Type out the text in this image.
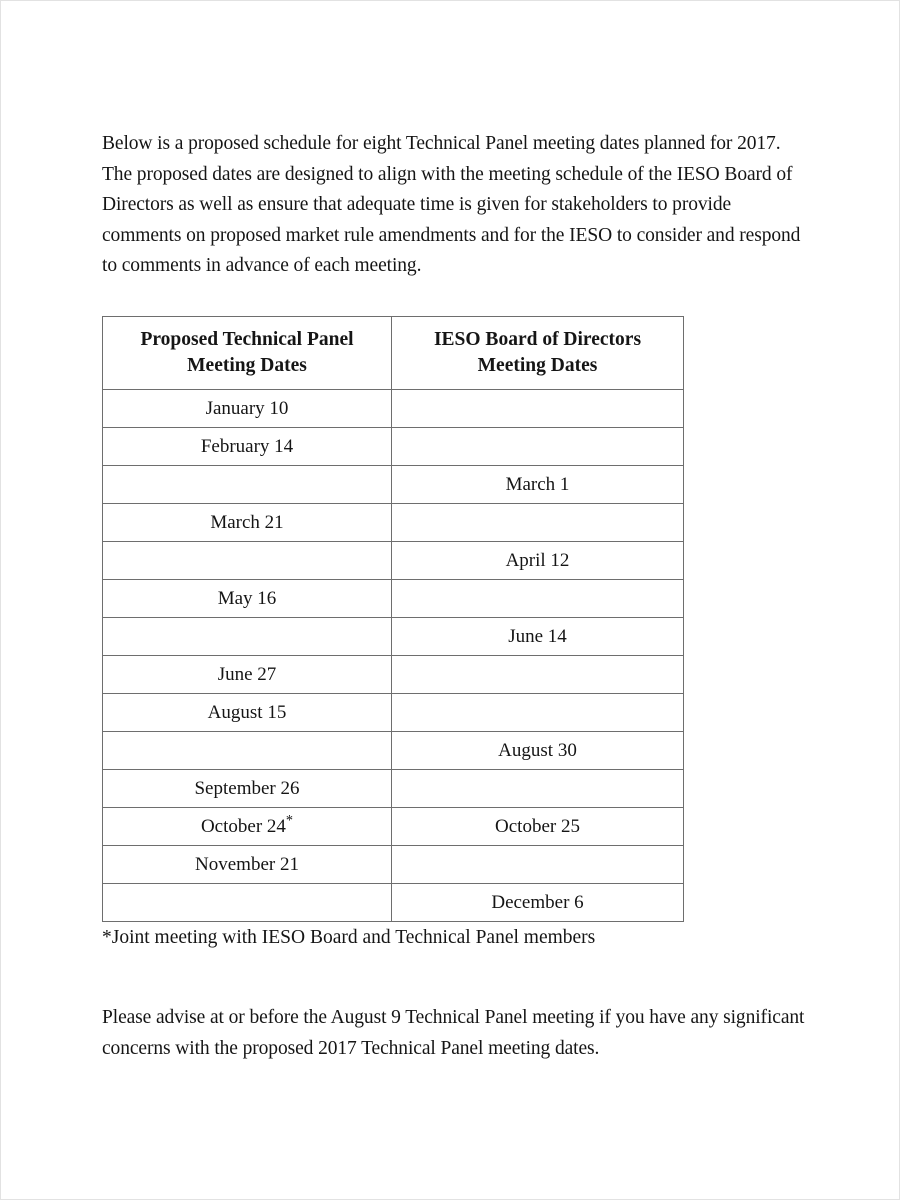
Below is a proposed schedule for eight Technical Panel meeting dates planned for 2017. The proposed dates are designed to align with the meeting schedule of the IESO Board of Directors as well as ensure that adequate time is given for stakeholders to provide comments on proposed market rule amendments and for the IESO to consider and respond to comments in advance of each meeting.

Proposed Technical Panel
Meeting Dates	IESO Board of Directors
Meeting Dates

January 10	
February 14	
	March 1
March 21	
	April 12
May 16	
	June 14
June 27	
August 15	
	August 30
September 26	
October 24*	October 25
November 21	
	December 6
*Joint meeting with IESO Board and Technical Panel members

Please advise at or before the August 9 Technical Panel meeting if you have any significant concerns with the proposed 2017 Technical Panel meeting dates.
